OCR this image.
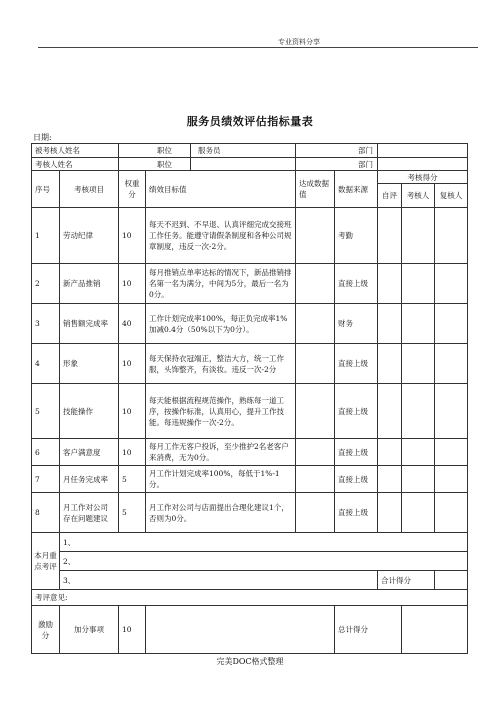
专业资料分享
服务员绩效评估指标量表
日期:
被考核人姓名		职位 服务员		部门				
考核人姓名		职位		部门				
序号	考核项目	权重分	绩效目标值	达成数据值	数据来源	考核得分		
						自评	考核人	复核人
1	劳动纪律	10	每天不迟到、不早退、认真评细完成交接班工作任务。能遵守请假条制度和各种公司规章制度，违反一次-2分。		考勤			
2	新产品推销	10	每月推销点单率达标的情况下，新品推销排名第一名为满分，中间为5分，最后一名为0分。		直接上级			
3	销售额完成率	40	工作计划完成率100%，每正负完成率1%加减0.4分（50%以下为0分）。		财务			
4	形象	10	每天保持衣冠端正，整洁大方，统一工作服，头饰整齐，有淡妆。违反一次-2分		直接上级			
5	技能操作	10	每天能根据流程规范操作，熟练每一道工序，按操作标准，认真用心，提升工作技能。每违规操作一次-2分。		直接上级			
6	客户满意度	10	每月工作无客户投诉，至少推护2名老客户来消费，无为0分。		直接上级			
7	月任务完成率	5	月工作计划完成率100%，每低于1%-1分。		直接上级			
8	月工作对公司存在问题建议	5	月工作对公司与店面提出合理化建议1个，否则为0分。		直接上级			
本月重点考评	1、							
	2、							
	3、					合计得分		
考评意见:								
激励分	加分事项	10			总计得分			
完美DOC格式整理
